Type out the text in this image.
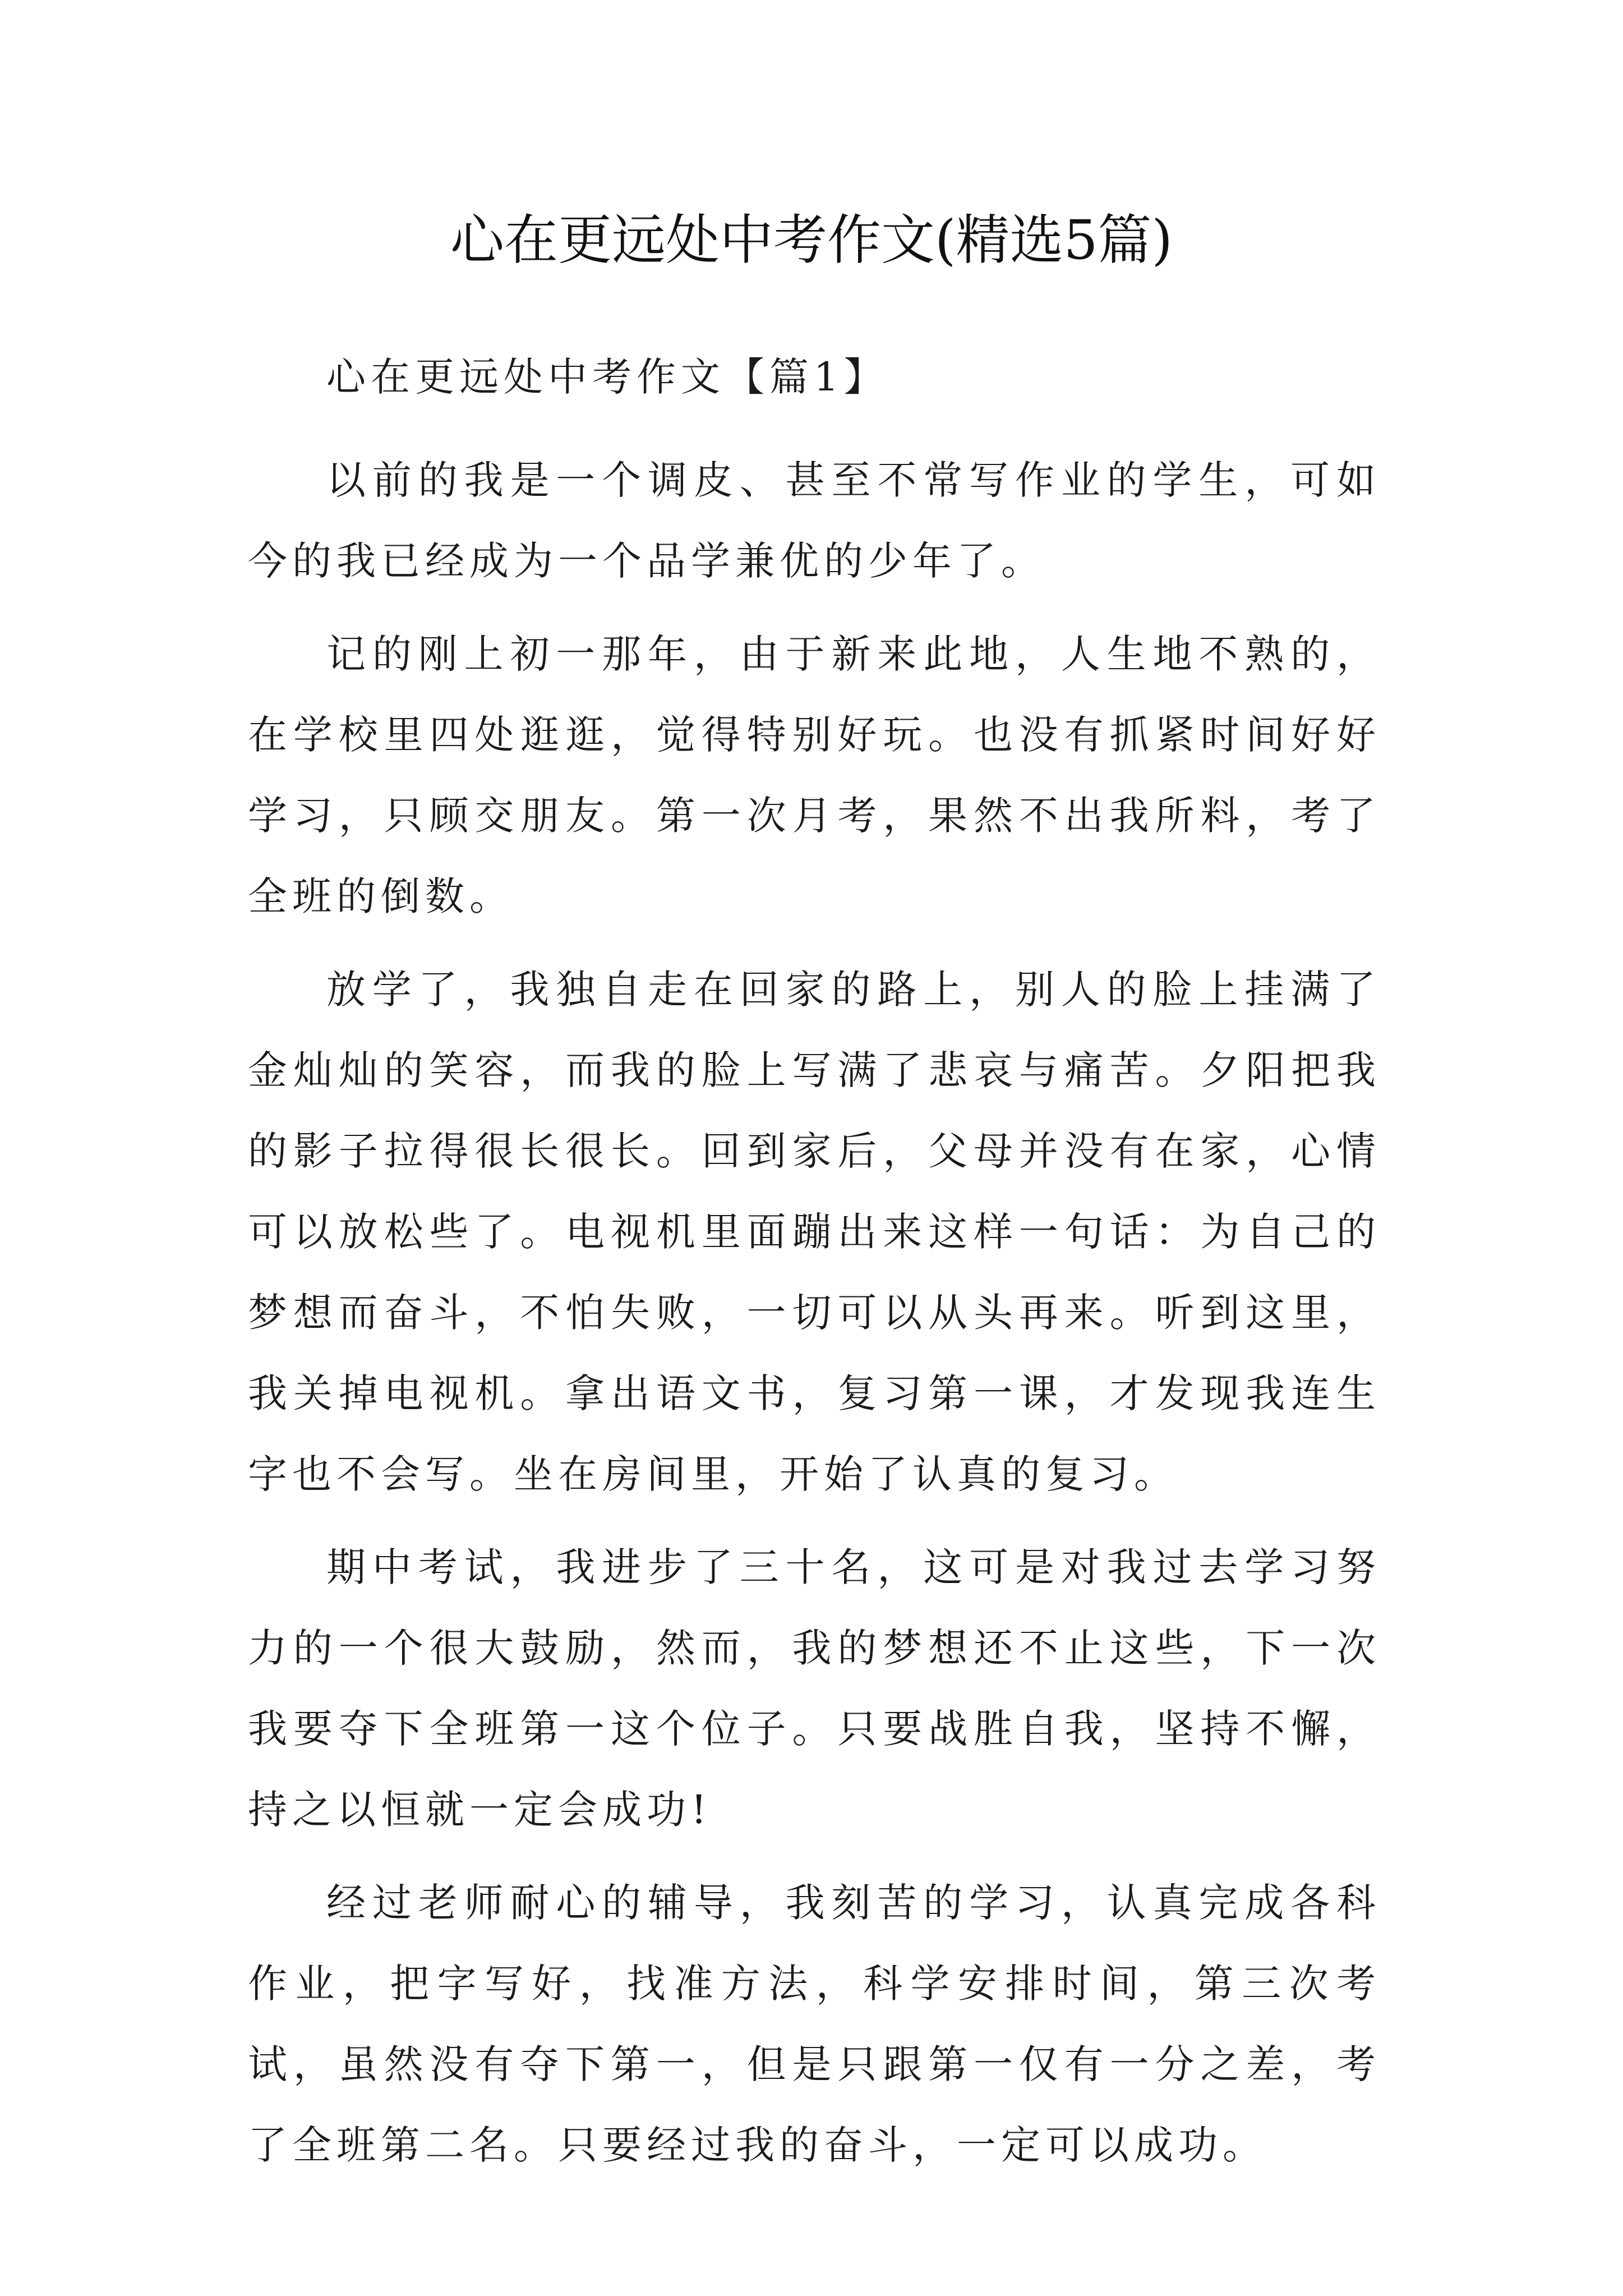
心在更远处中考作文(精选5篇)

心在更远处中考作文【篇1】

以前的我是一个调皮、甚至不常写作业的学生，可如今的我已经成为一个品学兼优的少年了。

记的刚上初一那年，由于新来此地，人生地不熟的，在学校里四处逛逛，觉得特别好玩。也没有抓紧时间好好学习，只顾交朋友。第一次月考，果然不出我所料，考了全班的倒数。

放学了，我独自走在回家的路上，别人的脸上挂满了金灿灿的笑容，而我的脸上写满了悲哀与痛苦。夕阳把我的影子拉得很长很长。回到家后，父母并没有在家，心情可以放松些了。电视机里面蹦出来这样一句话：为自己的梦想而奋斗，不怕失败，一切可以从头再来。听到这里，我关掉电视机。拿出语文书，复习第一课，才发现我连生字也不会写。坐在房间里，开始了认真的复习。

期中考试，我进步了三十名，这可是对我过去学习努力的一个很大鼓励，然而，我的梦想还不止这些，下一次我要夺下全班第一这个位子。只要战胜自我，坚持不懈，持之以恒就一定会成功!

经过老师耐心的辅导，我刻苦的学习，认真完成各科作业，把字写好，找准方法，科学安排时间，第三次考试，虽然没有夺下第一，但是只跟第一仅有一分之差，考了全班第二名。只要经过我的奋斗，一定可以成功。
